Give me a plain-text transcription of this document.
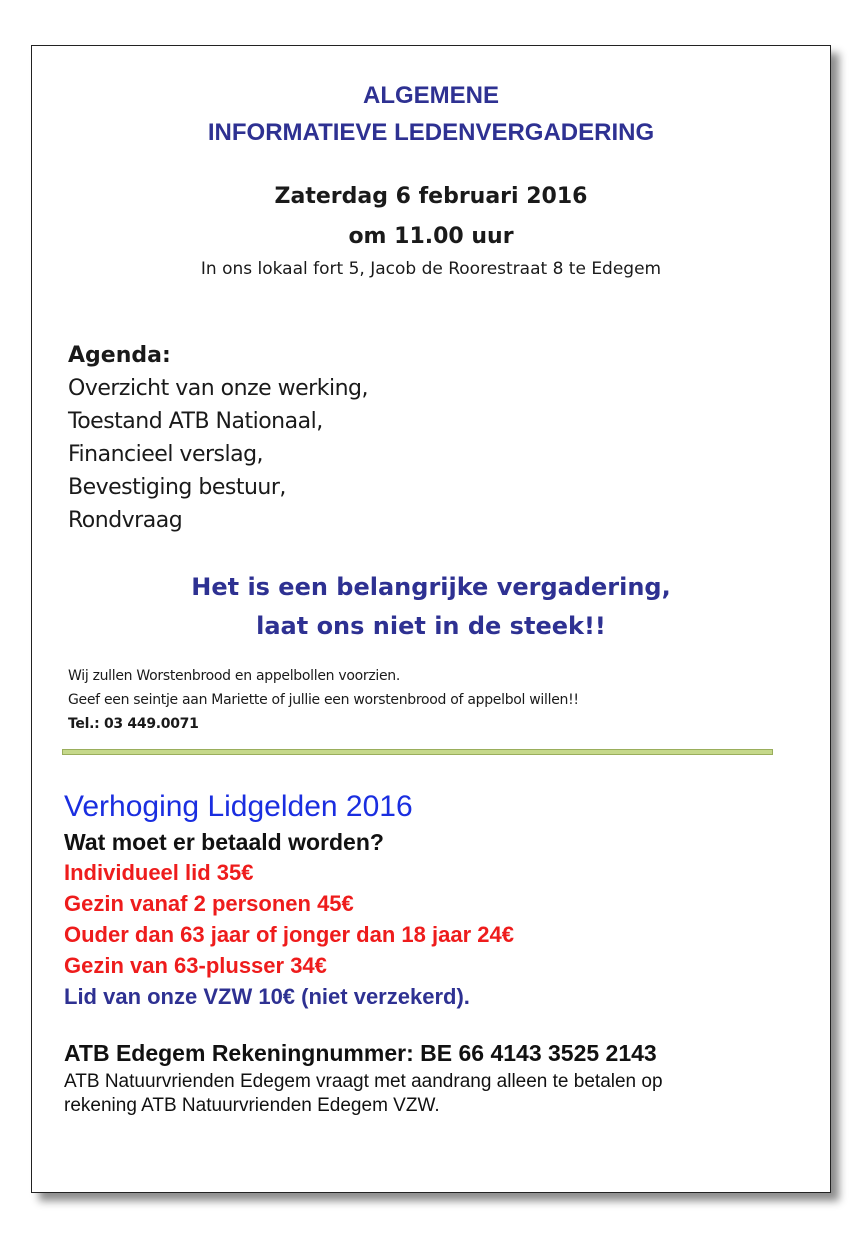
ALGEMENE
INFORMATIEVE LEDENVERGADERING
Zaterdag 6 februari 2016
om 11.00 uur
In ons lokaal fort 5, Jacob de Roorestraat 8 te Edegem
Agenda:
Overzicht van onze werking,
Toestand ATB Nationaal,
Financieel verslag,
Bevestiging bestuur,
Rondvraag
Het is een belangrijke vergadering,
laat ons niet in de steek!!
Wij zullen Worstenbrood en appelbollen voorzien.
Geef een seintje aan Mariette of jullie een worstenbrood of appelbol willen!!
Tel.: 03 449.0071
Verhoging Lidgelden 2016
Wat moet er betaald worden?
Individueel lid 35€
Gezin vanaf 2 personen 45€
Ouder dan 63 jaar of jonger dan 18 jaar 24€
Gezin van 63-plusser 34€
Lid van onze VZW 10€ (niet verzekerd).
ATB Edegem Rekeningnummer: BE 66 4143 3525 2143
ATB Natuurvrienden Edegem vraagt met aandrang alleen te betalen op
rekening ATB Natuurvrienden Edegem VZW.
